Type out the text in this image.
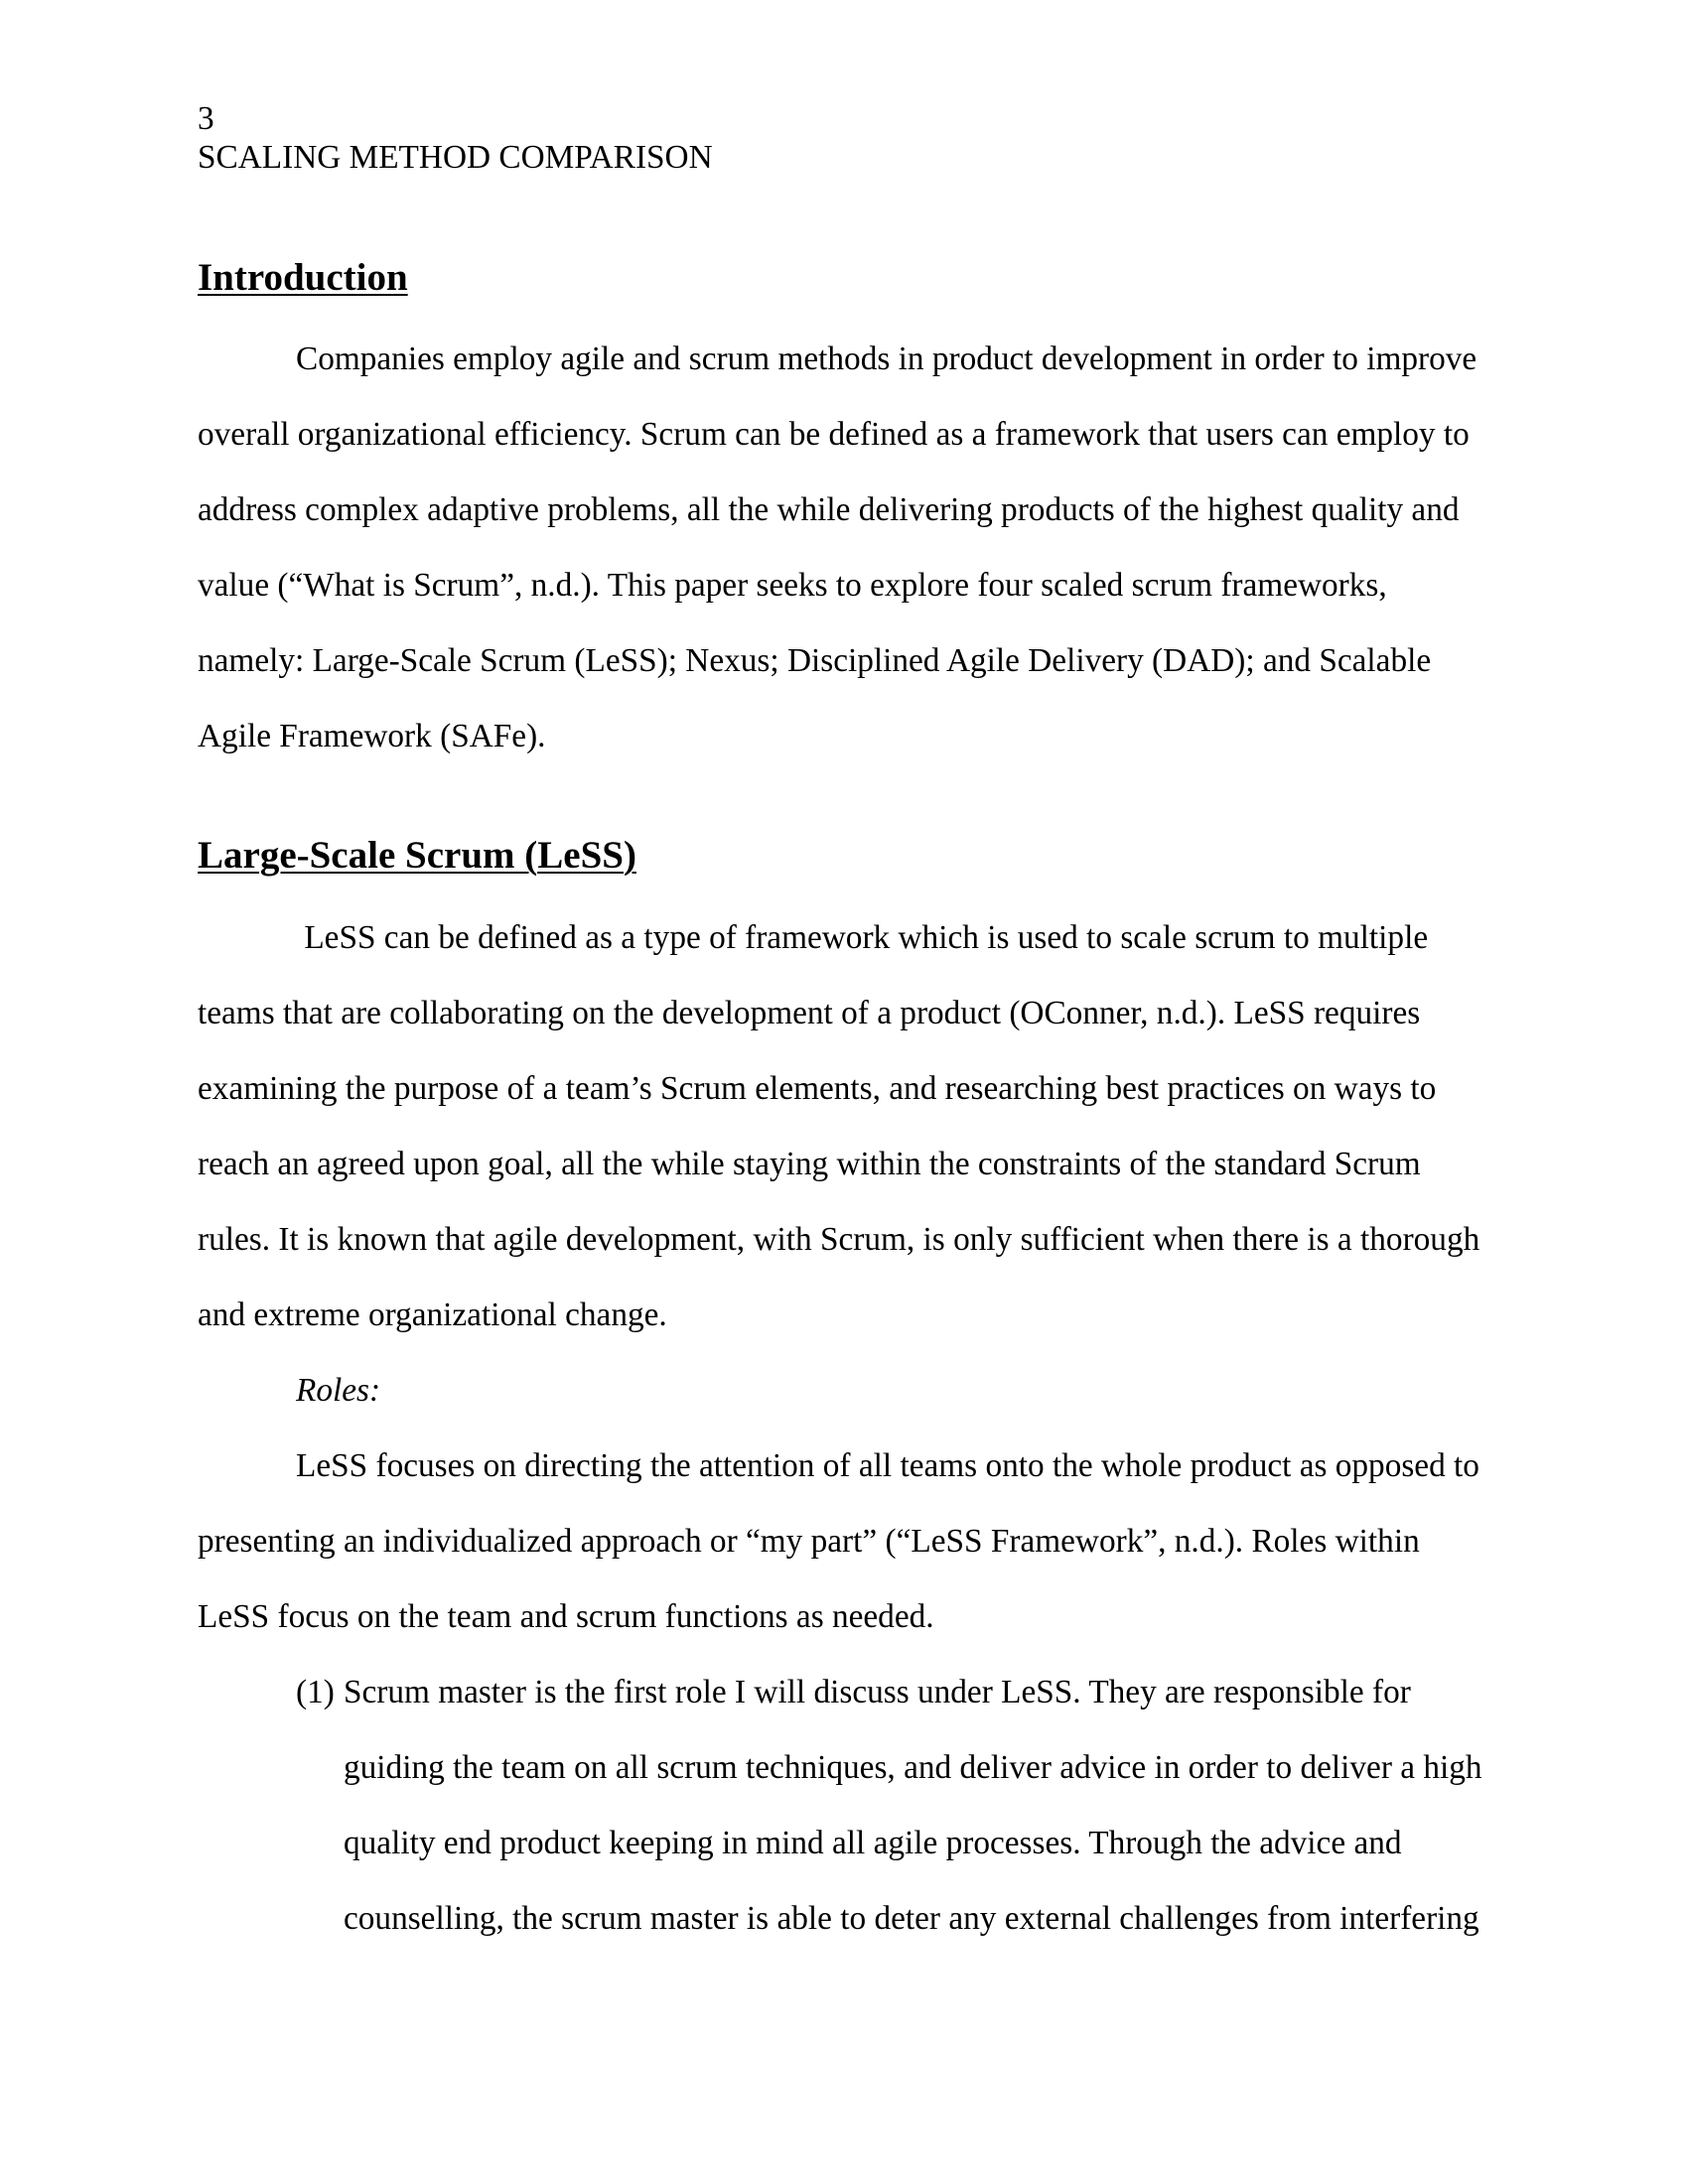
3
SCALING METHOD COMPARISON
Introduction
Companies employ agile and scrum methods in product development in order to improve
overall organizational efficiency. Scrum can be defined as a framework that users can employ to
address complex adaptive problems, all the while delivering products of the highest quality and
value (“What is Scrum”, n.d.). This paper seeks to explore four scaled scrum frameworks,
namely: Large-Scale Scrum (LeSS); Nexus; Disciplined Agile Delivery (DAD); and Scalable
Agile Framework (SAFe).
Large-Scale Scrum (LeSS)
LeSS can be defined as a type of framework which is used to scale scrum to multiple
teams that are collaborating on the development of a product (OConner, n.d.). LeSS requires
examining the purpose of a team’s Scrum elements, and researching best practices on ways to
reach an agreed upon goal, all the while staying within the constraints of the standard Scrum
rules. It is known that agile development, with Scrum, is only sufficient when there is a thorough
and extreme organizational change.
Roles:
LeSS focuses on directing the attention of all teams onto the whole product as opposed to
presenting an individualized approach or “my part” (“LeSS Framework”, n.d.). Roles within
LeSS focus on the team and scrum functions as needed.
(1) Scrum master is the first role I will discuss under LeSS. They are responsible for
guiding the team on all scrum techniques, and deliver advice in order to deliver a high
quality end product keeping in mind all agile processes. Through the advice and
counselling, the scrum master is able to deter any external challenges from interfering
